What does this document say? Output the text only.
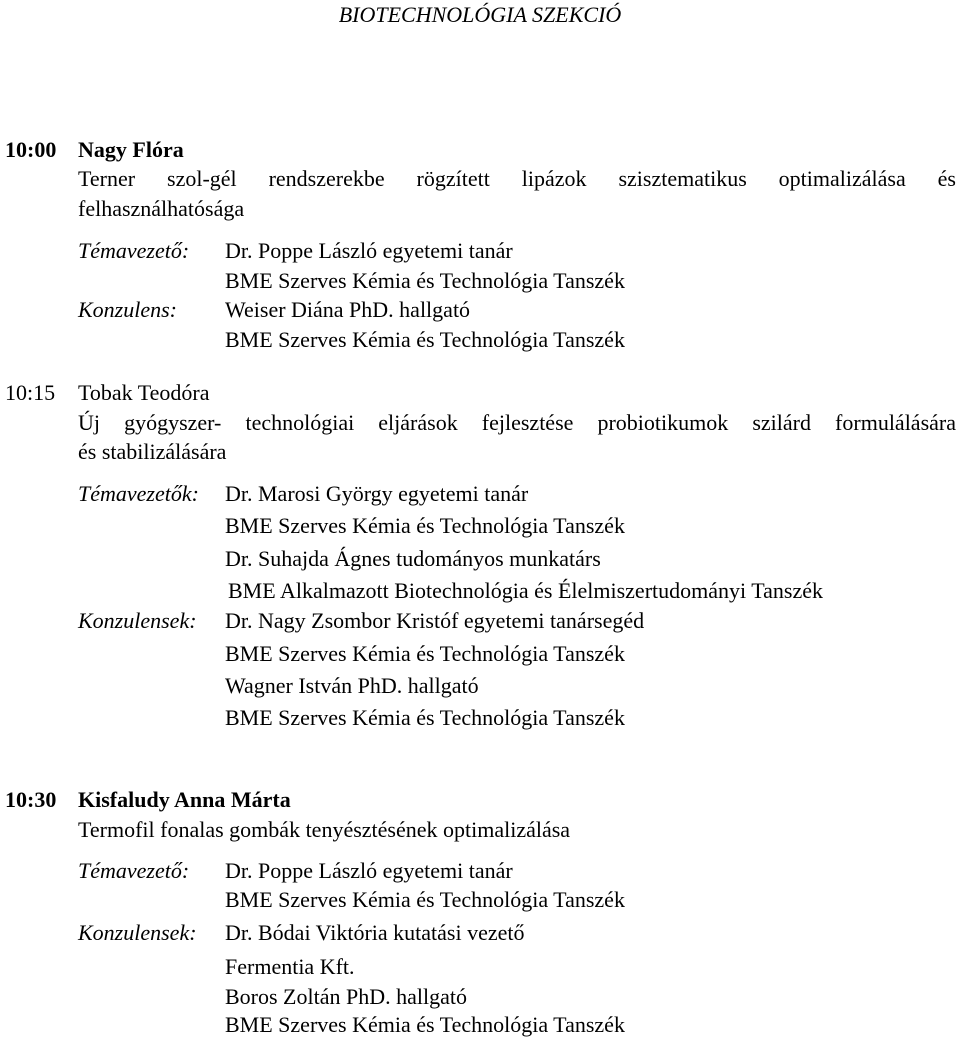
BIOTECHNOLÓGIA SZEKCIÓ
10:00 Nagy Flóra
Terner szol-gél rendszerekbe rögzített lipázok szisztematikus optimalizálása és
felhasználhatósága
Témavezető: Dr. Poppe László egyetemi tanár
BME Szerves Kémia és Technológia Tanszék
Konzulens: Weiser Diána PhD. hallgató
BME Szerves Kémia és Technológia Tanszék
10:15 Tobak Teodóra
Új gyógyszer- technológiai eljárások fejlesztése probiotikumok szilárd formulálására
és stabilizálására
Témavezetők: Dr. Marosi György egyetemi tanár
BME Szerves Kémia és Technológia Tanszék
Dr. Suhajda Ágnes tudományos munkatárs
BME Alkalmazott Biotechnológia és Élelmiszertudományi Tanszék
Konzulensek: Dr. Nagy Zsombor Kristóf egyetemi tanársegéd
BME Szerves Kémia és Technológia Tanszék
Wagner István PhD. hallgató
BME Szerves Kémia és Technológia Tanszék
10:30 Kisfaludy Anna Márta
Termofil fonalas gombák tenyésztésének optimalizálása
Témavezető: Dr. Poppe László egyetemi tanár
BME Szerves Kémia és Technológia Tanszék
Konzulensek: Dr. Bódai Viktória kutatási vezető
Fermentia Kft.
Boros Zoltán PhD. hallgató
BME Szerves Kémia és Technológia Tanszék
